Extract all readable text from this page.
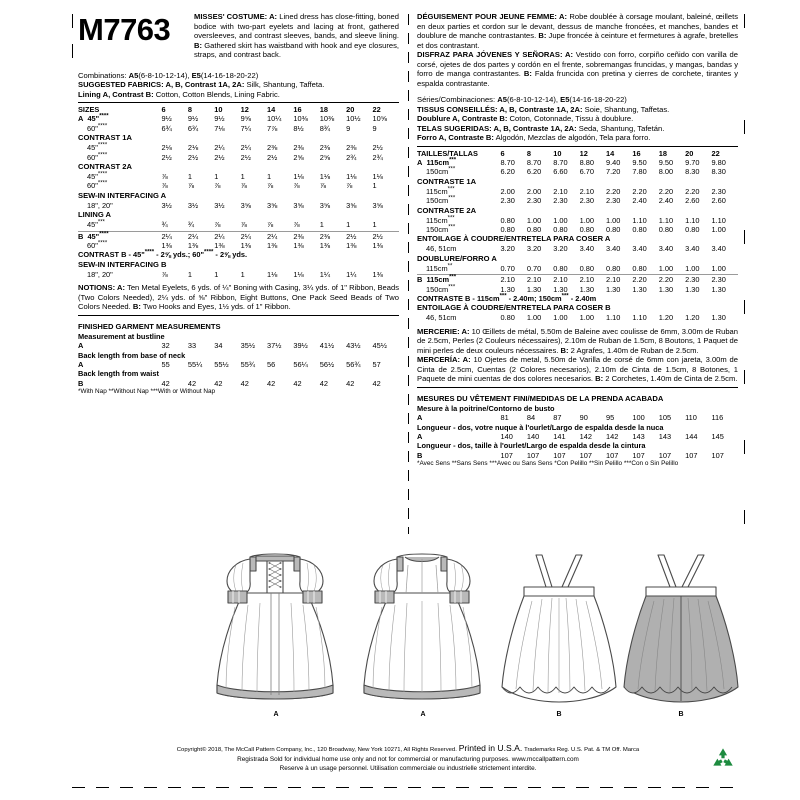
M7763	MISSES' COSTUME: A: Lined dress has close-fitting, boned bodice with two-part eyelets and lacing at front, gathered oversleeves, and contrast sleeves, bands, and sleeve lining. B: Gathered skirt has waistband with hook and eye closures, straps, and contrast back.
Combinations: A5(6-8-10-12-14), E5(14-16-18-20-22)
SUGGESTED FABRICS: A, B, Contrast 1A, 2A: Silk, Shantung, Taffeta.
Lining A, Contrast B: Cotton, Cotton Blends, Lining Fabric.
SIZES	6	8	10	12	14	16	18	20	22
A  45"****	9½	9½	9½	9⅝	10¼	10⅜	10⅜	10½	10⅝
60"****	6¾	6¾	7⅛	7¼	7⅞	8½	8¾	9	9
CONTRAST 1A									
45"****	2⅛	2⅛	2¼	2¼	2⅜	2⅜	2⅜	2⅜	2½
60"****	2½	2½	2½	2½	2½	2⅝	2⅝	2¾	2¾
CONTRAST 2A									
45"****	⅞	1	1	1	1	1⅛	1⅛	1⅛	1⅛
60"****	⅞	⅞	⅞	⅞	⅞	⅞	⅞	⅞	1
SEW-IN INTERFACING A									
18", 20"	3½	3½	3½	3⅝	3⅝	3⅝	3⅝	3⅝	3⅝
LINING A									
45"***	¾	¾	⅞	⅞	⅞	⅞	1	1	1
B  45"****	2¼	2¼	2¼	2¼	2¼	2⅜	2⅜	2½	2½
60"****	1⅜	1⅜	1⅜	1⅜	1⅜	1⅜	1⅜	1⅜	1⅜
CONTRAST B - 45"**** - 2⅝ yds.; 60"**** - 2⅝ yds.									
SEW-IN INTERFACING B									
18", 20"	⅞	1	1	1	1⅛	1⅛	1¼	1¼	1⅜
NOTIONS: A: Ten Metal Eyelets, 6 yds. of ¼" Boning with Casing, 3¼ yds. of 1" Ribbon, Beads (Two Colors Needed), 2¼ yds. of ⅝" Ribbon, Eight Buttons, One Pack Seed Beads of Two Colors Needed. B: Two Hooks and Eyes, 1½ yds. of 1" Ribbon.
FINISHED GARMENT MEASUREMENTS
Measurement at bustline									
A	32	33	34	35½	37½	39½	41½	43½	45½
Back length from base of neck									
A	55	55¼	55½	55¾	56	56¼	56½	56¾	57
Back length from waist									
B	42	42	42	42	42	42	42	42	42
*With Nap **Without Nap ***With or Without Nap
DÉGUISEMENT POUR JEUNE FEMME: A: Robe doublée à corsage moulant, baleiné, œillets en deux parties et cordon sur le devant, dessus de manche froncées, et manches, bandes et doublure de manche contrastantes. B: Jupe froncée à ceinture et fermetures à agrafe, bretelles et dos contrastant.
DISFRAZ PARA JÓVENES Y SEÑORAS: A: Vestido con forro, corpiño ceñido con varilla de corsé, ojetes de dos partes y cordón en el frente, sobremangas fruncidas, y mangas, bandas y forro de manga contrastantes. B: Falda fruncida con pretina y cierres de corchete, tirantes y espalda contrastante.
Séries/Combinaciones: A5(6-8-10-12-14), E5(14-16-18-20-22)
TISSUS CONSEILLÉS: A, B, Contraste 1A, 2A: Soie, Shantung, Taffetas.
Doublure A, Contraste B: Coton, Cotonnade, Tissu à doublure.
TELAS SUGERIDAS: A, B, Contraste 1A, 2A: Seda, Shantung, Tafetán.
Forro A, Contraste B: Algodón, Mezclas de algodón, Tela para forro.
TAILLES/TALLAS	6	8	10	12	14	16	18	20	22
A  115cm***	8.70	8.70	8.70	8.80	9.40	9.50	9.50	9.70	9.80
150cm***	6.20	6.20	6.60	6.70	7.20	7.80	8.00	8.30	8.30
CONTRASTE 1A									
115cm***	2.00	2.00	2.10	2.10	2.20	2.20	2.20	2.20	2.30
150cm***	2.30	2.30	2.30	2.30	2.30	2.40	2.40	2.60	2.60
CONTRASTE 2A									
115cm***	0.80	1.00	1.00	1.00	1.00	1.10	1.10	1.10	1.10
150cm***	0.80	0.80	0.80	0.80	0.80	0.80	0.80	0.80	1.00
ENTOILAGE À COUDRE/ENTRETELA PARA COSER A									
46, 51cm	3.20	3.20	3.20	3.40	3.40	3.40	3.40	3.40	3.40
DOUBLURE/FORRO A									
115cm**	0.70	0.70	0.80	0.80	0.80	0.80	1.00	1.00	1.00
B  115cm***	2.10	2.10	2.10	2.10	2.10	2.20	2.20	2.30	2.30
150cm***	1.30	1.30	1.30	1.30	1.30	1.30	1.30	1.30	1.30
CONTRASTE B - 115cm*** - 2.40m; 150cm*** - 2.40m									
ENTOILAGE À COUDRE/ENTRETELA PARA COSER B									
46, 51cm	0.80	1.00	1.00	1.00	1.10	1.10	1.20	1.20	1.30
MERCERIE: A: 10 Œillets de métal, 5.50m de Baleine avec coulisse de 6mm, 3.00m de Ruban de 2.5cm, Perles (2 Couleurs nécessaires), 2.10m de Ruban de 1.5cm, 8 Boutons, 1 Paquet de mini perles de deux couleurs nécessaires. B: 2 Agrafes, 1.40m de Ruban de 2.5cm.
MERCERÍA: A: 10 Ojetes de metal, 5.50m de Varilla de corsé de 6mm con jareta, 3.00m de Cinta de 2.5cm, Cuentas (2 Colores necesarios), 2.10m de Cinta de 1.5cm, 8 Botones, 1 Paquete de mini cuentas de dos colores necesarios. B: 2 Corchetes, 1.40m de Cinta de 2.5cm.
MESURES DU VÊTEMENT FINI/MEDIDAS DE LA PRENDA ACABADA
Mesure à la poitrine/Contorno de busto									
A	81	84	87	90	95	100	105	110	116
Longueur - dos, votre nuque à l'ourlet/Largo de espalda desde la nuca									
A	140	140	141	142	142	143	143	144	145
Longueur - dos, taille à l'ourlet/Largo de espalda desde la cintura									
B	107	107	107	107	107	107	107	107	107
*Avec Sens **Sans Sens ***Avec ou Sans Sens *Con Pelillo **Sin Pelillo ***Con o Sin Pelillo
A	A	B	B
Copyright© 2018, The McCall Pattern Company, Inc., 120 Broadway, New York 10271, All Rights Reserved. Printed in U.S.A. Trademarks Reg. U.S. Pat. & TM Off. Marca
Registrada Sold for individual home use only and not for commercial or manufacturing purposes. www.mccallpattern.com
Reserve à un usage personnel. Utilisation commerciale ou industrielle strictement interdite.
